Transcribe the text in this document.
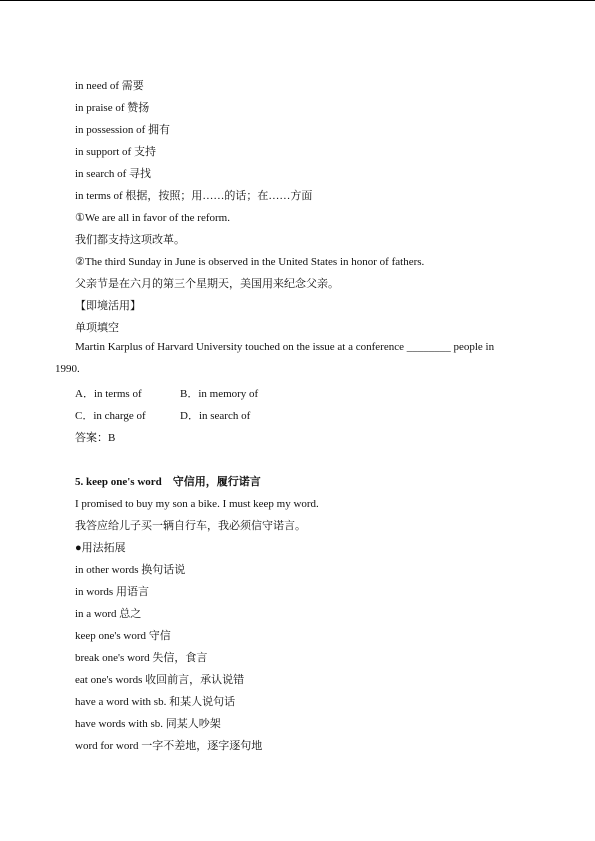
in need of 需要
in praise of 赞扬
in possession of 拥有
in support of 支持
in search of 寻找
in terms of 根据，按照；用……的话；在……方面
①We are all in favor of the reform.
我们都支持这项改革。
②The third Sunday in June is observed in the United States in honor of fathers.
父亲节是在六月的第三个星期天，美国用来纪念父亲。
【即境活用】
单项填空
Martin Karplus of Harvard University touched on the issue at a conference ________ people in
1990.
A．in terms of	B．in memory of
C．in charge of	D．in search of
答案：B
5. keep one's word　守信用，履行诺言
I promised to buy my son a bike. I must keep my word.
我答应给儿子买一辆自行车，我必须信守诺言。
●用法拓展
in other words 换句话说
in words 用语言
in a word 总之
keep one's word 守信
break one's word 失信，食言
eat one's words 收回前言，承认说错
have a word with sb. 和某人说句话
have words with sb. 同某人吵架
word for word 一字不差地，逐字逐句地
